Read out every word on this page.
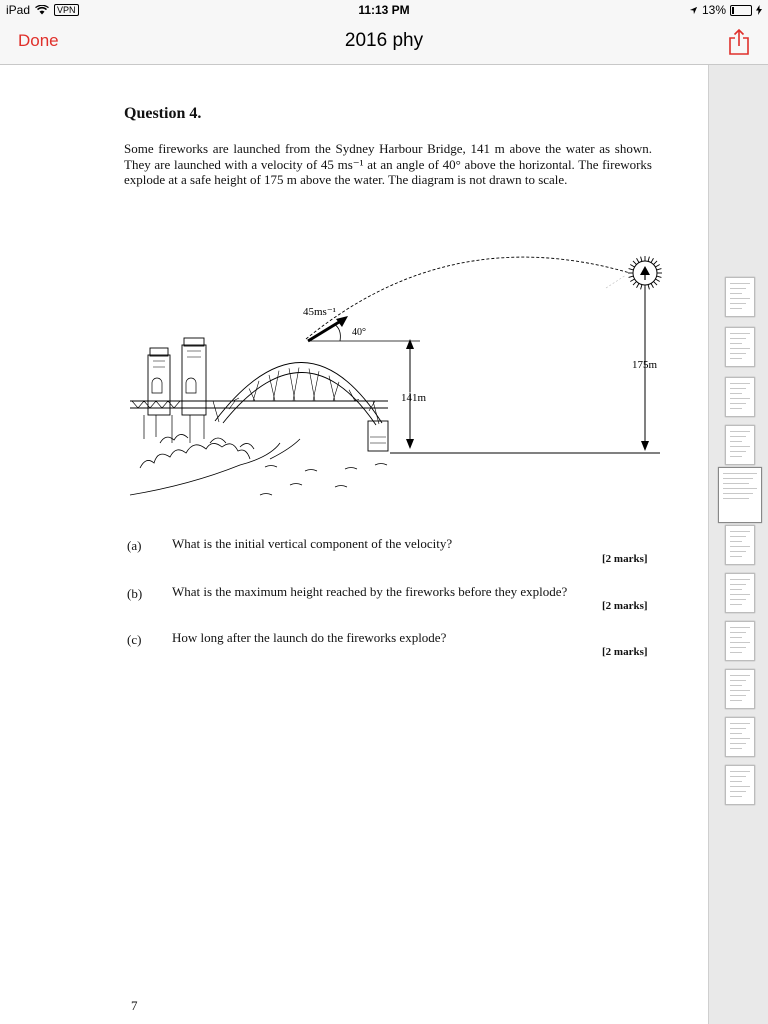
iPad	VPN	11:13 PM	13%
Done	2016 phy
Question 4.
Some fireworks are launched from the Sydney Harbour Bridge, 141 m above the water as shown. They are launched with a velocity of 45 ms⁻¹ at an angle of 40° above the horizontal. The fireworks explode at a safe height of 175 m above the water. The diagram is not drawn to scale.
175m
45ms⁻¹
40°
141m
(a) What is the initial vertical component of the velocity?
[2 marks]
(b) What is the maximum height reached by the fireworks before they explode?
[2 marks]
(c) How long after the launch do the fireworks explode?
[2 marks]
7
